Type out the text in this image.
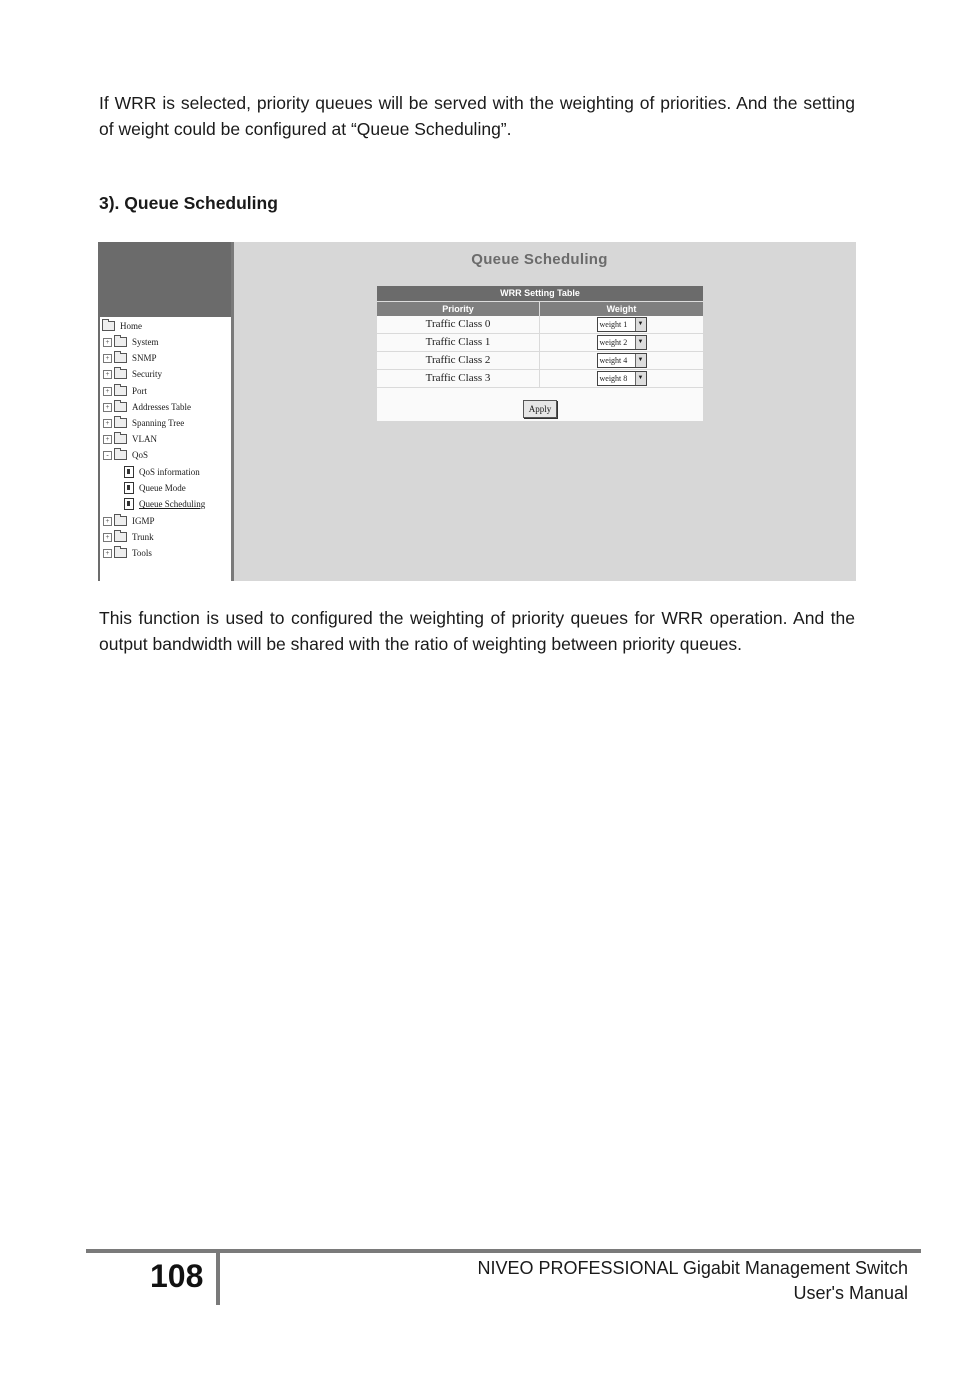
If WRR is selected, priority queues will be served with the weighting of priorities. And the setting of weight could be configured at “Queue Scheduling”.

3). Queue Scheduling

Home
+	System
+	SNMP
+	Security
+	Port
+	Addresses Table
+	Spanning Tree
+	VLAN
-	QoS
QoS information
Queue Mode
Queue Scheduling
+	IGMP
+	Trunk
+	Tools
Queue Scheduling
WRR Setting Table
Priority	Weight
Traffic Class 0	weight 1	▼
Traffic Class 1	weight 2	▼
Traffic Class 2	weight 4	▼
Traffic Class 3	weight 8	▼
Apply

This function is used to configured the weighting of priority queues for WRR operation. And the output bandwidth will be shared with the ratio of weighting between priority queues.

108	NIVEO PROFESSIONAL Gigabit Management Switch
User's Manual
